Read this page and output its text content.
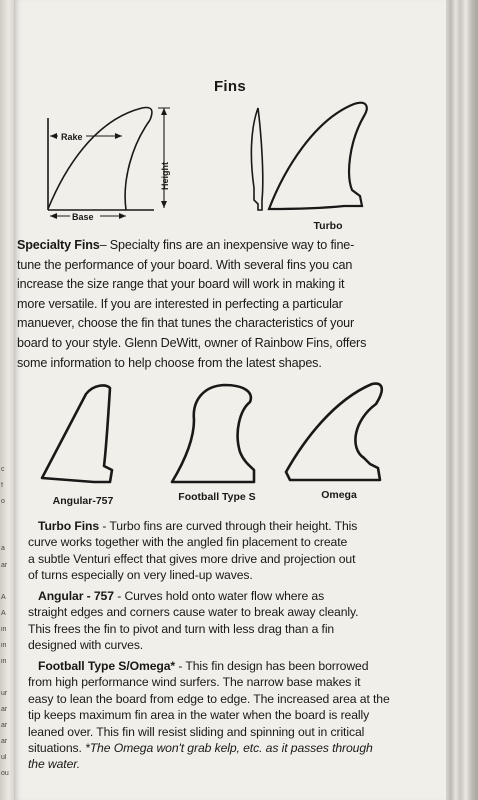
c
f
o
a
ar
A
A
in
in
in
ur
ar
ar
ar
ul
ou
Fins
Rake
Height
Base
Turbo
Specialty Fins– Specialty fins are an inexpensive way to fine-
tune the performance of your board. With several fins you can
increase the size range that your board will work in making it
more versatile. If you are interested in perfecting a particular
manuever, choose the fin that tunes the characteristics of your
board to your style. Glenn DeWitt, owner of Rainbow Fins, offers
some information to help choose from the latest shapes.
Angular-757	Football Type S	Omega
Turbo Fins - Turbo fins are curved through their height. This
curve works together with the angled fin placement to create
a subtle Venturi effect that gives more drive and projection out
of turns especially on very lined-up waves.
Angular - 757 - Curves hold onto water flow where as
straight edges and corners cause water to break away cleanly.
This frees the fin to pivot and turn with less drag than a fin
designed with curves.
Football Type S/Omega* - This fin design has been borrowed
from high performance wind surfers. The narrow base makes it
easy to lean the board from edge to edge. The increased area at the
tip keeps maximum fin area in the water when the board is really
leaned over. This fin will resist sliding and spinning out in critical
situations. *The Omega won't grab kelp, etc. as it passes through
the water.
